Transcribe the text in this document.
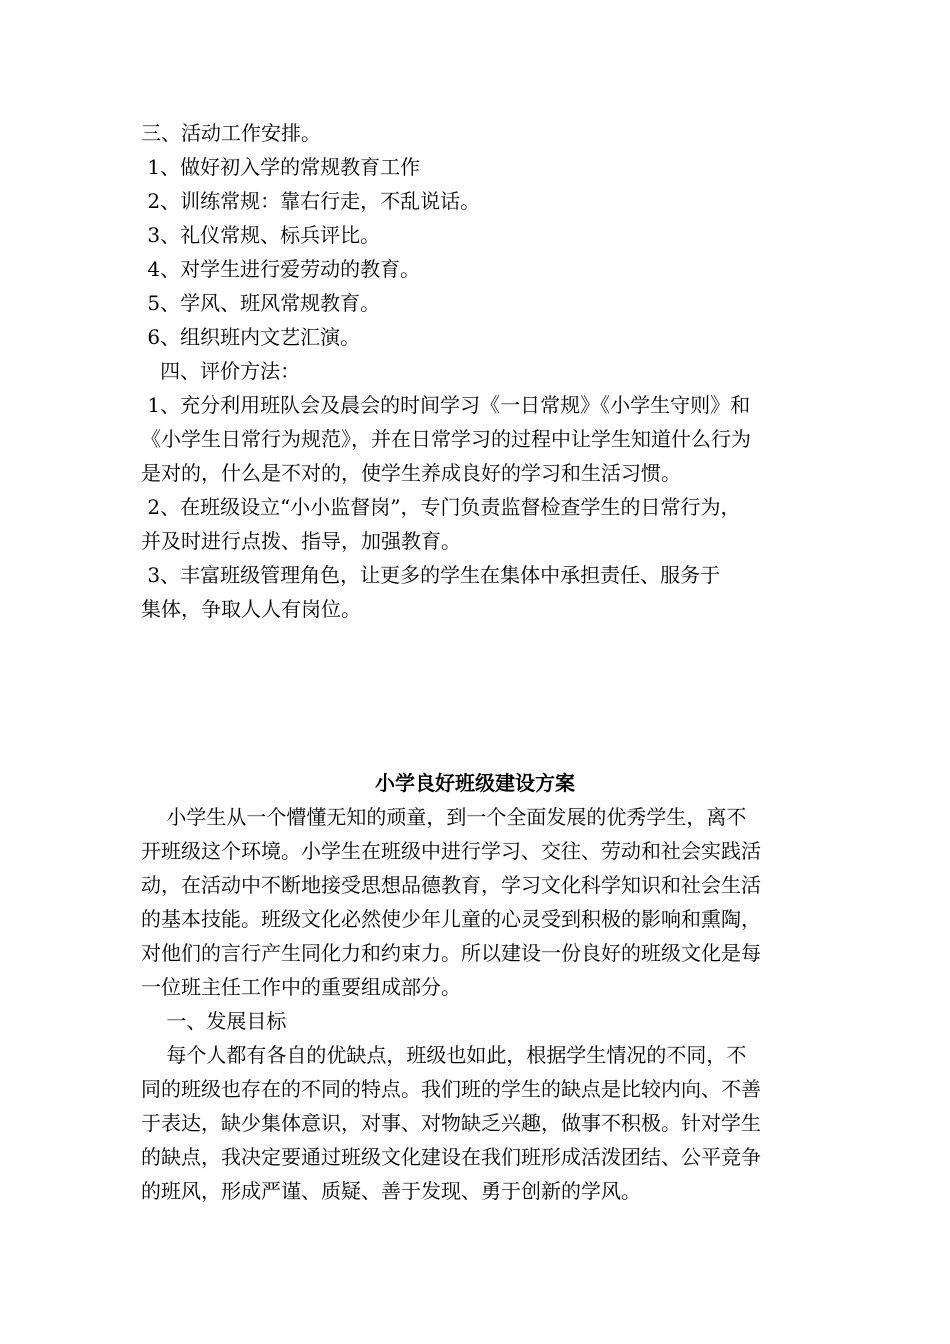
三、活动工作安排。
1、做好初入学的常规教育工作
2、训练常规：靠右行走，不乱说话。
3、礼仪常规、标兵评比。
4、对学生进行爱劳动的教育。
5、学风、班风常规教育。
6、组织班内文艺汇演。
四、评价方法：
1、充分利用班队会及晨会的时间学习《一日常规》《小学生守则》和
《小学生日常行为规范》，并在日常学习的过程中让学生知道什么行为
是对的，什么是不对的，使学生养成良好的学习和生活习惯。
2、在班级设立“小小监督岗”，专门负责监督检查学生的日常行为，
并及时进行点拨、指导，加强教育。
3、丰富班级管理角色，让更多的学生在集体中承担责任、服务于
集体，争取人人有岗位。
小学良好班级建设方案
小学生从一个懵懂无知的顽童，到一个全面发展的优秀学生，离不
开班级这个环境。小学生在班级中进行学习、交往、劳动和社会实践活
动，在活动中不断地接受思想品德教育，学习文化科学知识和社会生活
的基本技能。班级文化必然使少年儿童的心灵受到积极的影响和熏陶，
对他们的言行产生同化力和约束力。所以建设一份良好的班级文化是每
一位班主任工作中的重要组成部分。
一、发展目标
每个人都有各自的优缺点，班级也如此，根据学生情况的不同，不
同的班级也存在的不同的特点。我们班的学生的缺点是比较内向、不善
于表达，缺少集体意识，对事、对物缺乏兴趣，做事不积极。针对学生
的缺点，我决定要通过班级文化建设在我们班形成活泼团结、公平竞争
的班风，形成严谨、质疑、善于发现、勇于创新的学风。
